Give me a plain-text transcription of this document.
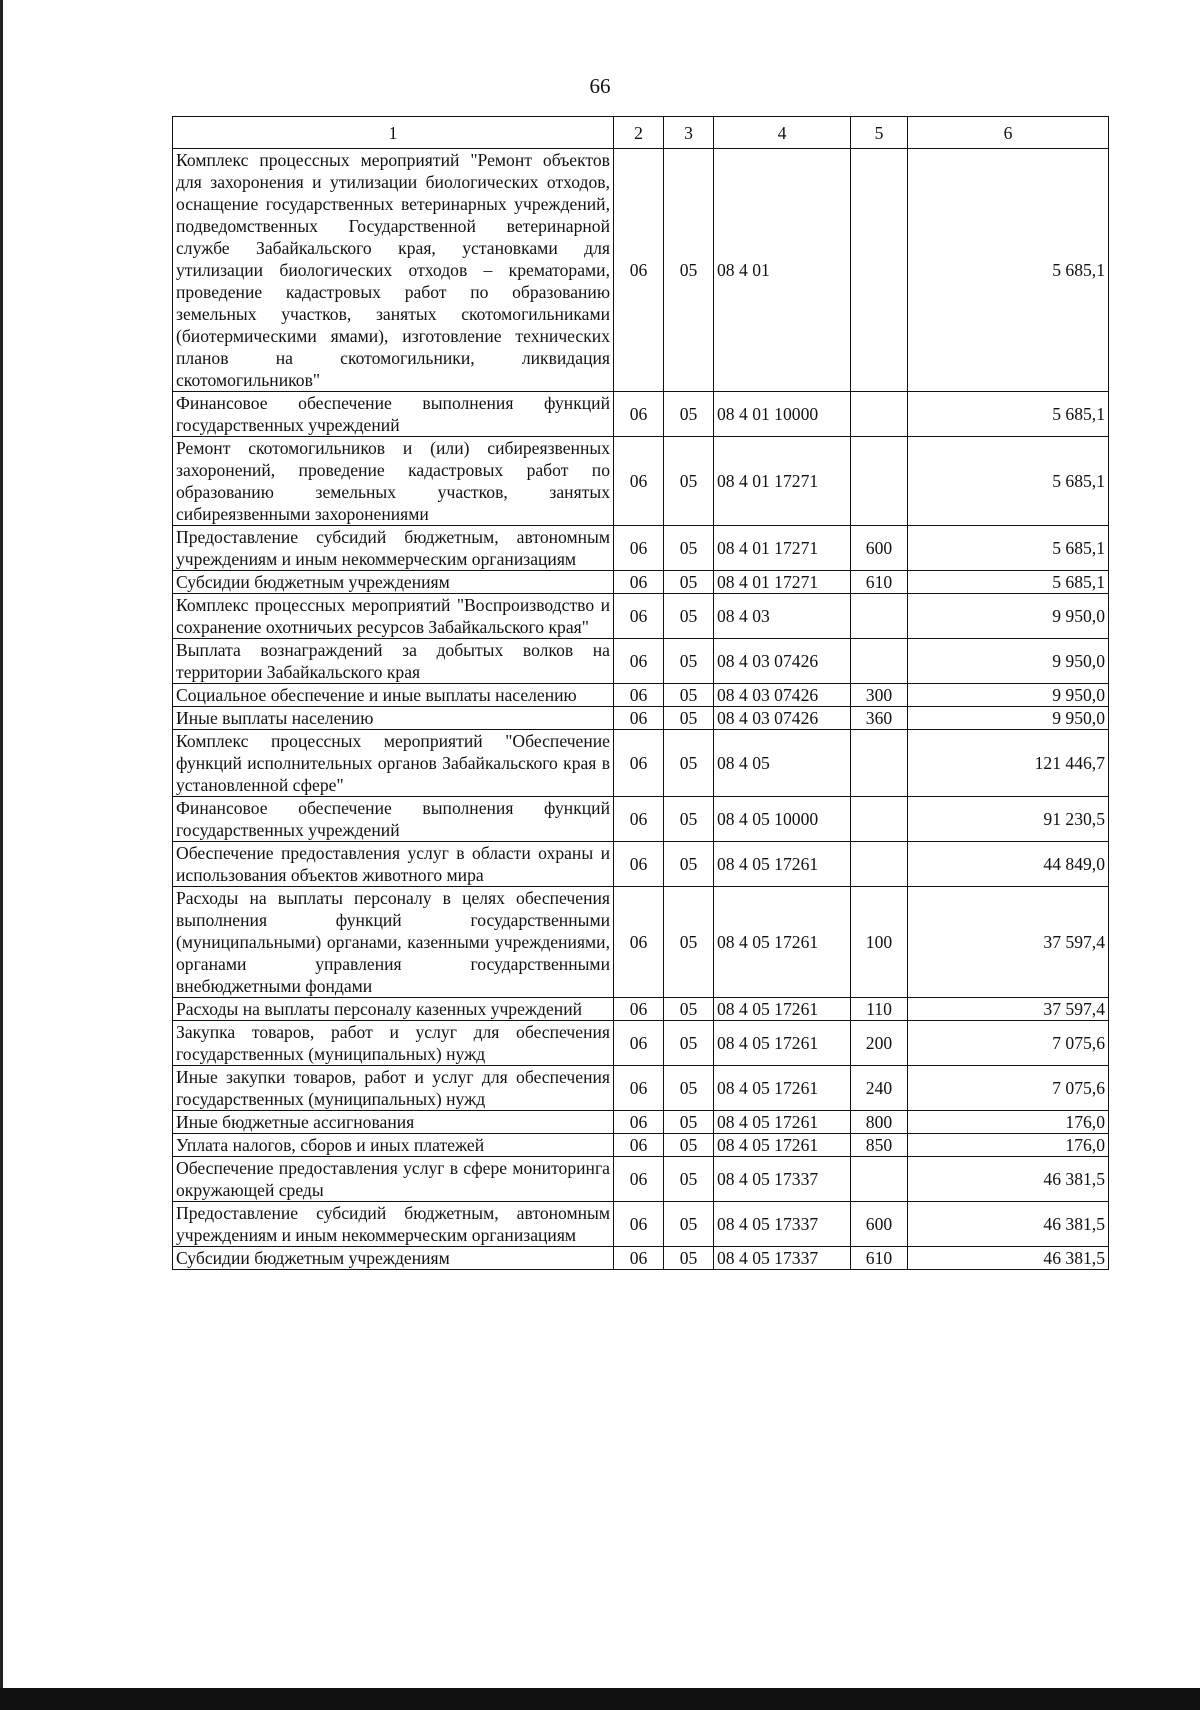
66
1	2	3	4	5	6
Комплекс процессных мероприятий "Ремонт объектов для захоронения и утилизации биологических отходов, оснащение государственных ветеринарных учреждений, подведомственных Государственной ветеринарной службе Забайкальского края, установками для утилизации биологических отходов – крематорами, проведение кадастровых работ по образованию земельных участков, занятых скотомогильниками (биотермическими ямами), изготовление технических планов на скотомогильники, ликвидация скотомогильников"	06	05	08 4 01		5 685,1
Финансовое обеспечение выполнения функций государственных учреждений	06	05	08 4 01 10000		5 685,1
Ремонт скотомогильников и (или) сибиреязвенных захоронений, проведение кадастровых работ по образованию земельных участков, занятых сибиреязвенными захоронениями	06	05	08 4 01 17271		5 685,1
Предоставление субсидий бюджетным, автономным учреждениям и иным некоммерческим организациям	06	05	08 4 01 17271	600	5 685,1
Субсидии бюджетным учреждениям	06	05	08 4 01 17271	610	5 685,1
Комплекс процессных мероприятий "Воспроизводство и сохранение охотничьих ресурсов Забайкальского края"	06	05	08 4 03		9 950,0
Выплата вознаграждений за добытых волков на территории Забайкальского края	06	05	08 4 03 07426		9 950,0
Социальное обеспечение и иные выплаты населению	06	05	08 4 03 07426	300	9 950,0
Иные выплаты населению	06	05	08 4 03 07426	360	9 950,0
Комплекс процессных мероприятий "Обеспечение функций исполнительных органов Забайкальского края в установленной сфере"	06	05	08 4 05		121 446,7
Финансовое обеспечение выполнения функций государственных учреждений	06	05	08 4 05 10000		91 230,5
Обеспечение предоставления услуг в области охраны и использования объектов животного мира	06	05	08 4 05 17261		44 849,0
Расходы на выплаты персоналу в целях обеспечения выполнения функций государственными (муниципальными) органами, казенными учреждениями, органами управления государственными внебюджетными фондами	06	05	08 4 05 17261	100	37 597,4
Расходы на выплаты персоналу казенных учреждений	06	05	08 4 05 17261	110	37 597,4
Закупка товаров, работ и услуг для обеспечения государственных (муниципальных) нужд	06	05	08 4 05 17261	200	7 075,6
Иные закупки товаров, работ и услуг для обеспечения государственных (муниципальных) нужд	06	05	08 4 05 17261	240	7 075,6
Иные бюджетные ассигнования	06	05	08 4 05 17261	800	176,0
Уплата налогов, сборов и иных платежей	06	05	08 4 05 17261	850	176,0
Обеспечение предоставления услуг в сфере мониторинга окружающей среды	06	05	08 4 05 17337		46 381,5
Предоставление субсидий бюджетным, автономным учреждениям и иным некоммерческим организациям	06	05	08 4 05 17337	600	46 381,5
Субсидии бюджетным учреждениям	06	05	08 4 05 17337	610	46 381,5
